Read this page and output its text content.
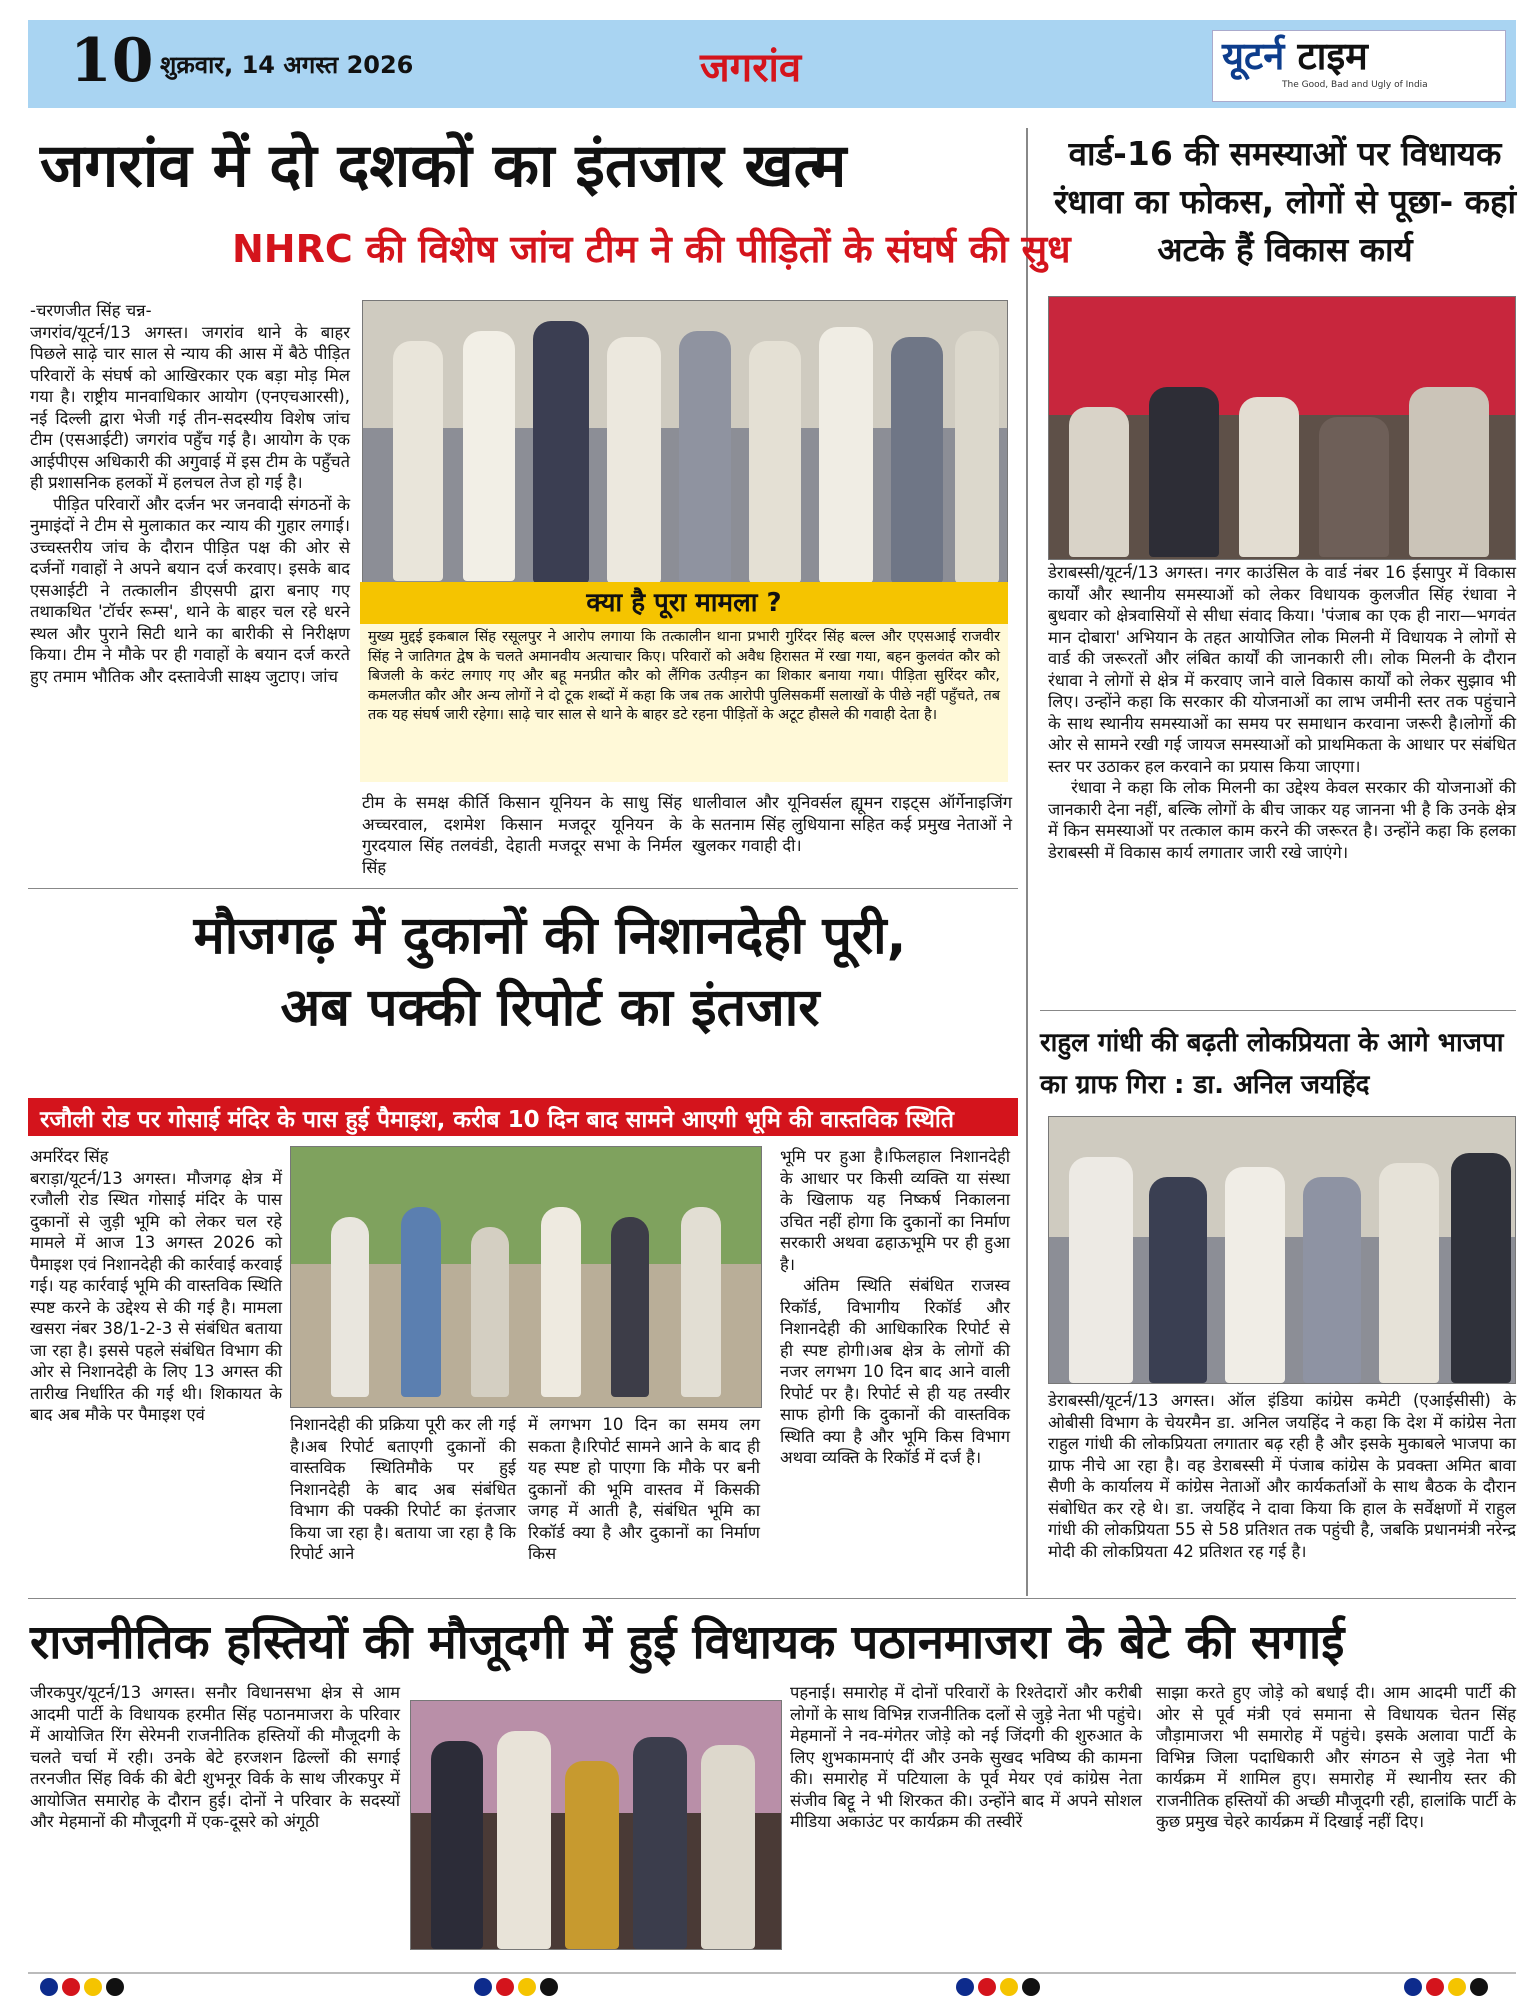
10 शुक्रवार, 14 अगस्त 2026	जगरांव	यूटर्न टाइम
The Good, Bad and Ugly of India
जगरांव में दो दशकों का इंतजार खत्म
NHRC की विशेष जांच टीम ने की पीड़ितों के संघर्ष की सुध

-चरणजीत सिंह चन्न-

जगरांव/यूटर्न/13 अगस्त। जगरांव थाने के बाहर पिछले साढ़े चार साल से न्याय की आस में बैठे पीड़ित परिवारों के संघर्ष को आखिरकार एक बड़ा मोड़ मिल गया है। राष्ट्रीय मानवाधिकार आयोग (एनएचआरसी), नई दिल्ली द्वारा भेजी गई तीन-सदस्यीय विशेष जांच टीम (एसआईटी) जगरांव पहुँच गई है। आयोग के एक आईपीएस अधिकारी की अगुवाई में इस टीम के पहुँचते ही प्रशासनिक हलकों में हलचल तेज हो गई है।

पीड़ित परिवारों और दर्जन भर जनवादी संगठनों के नुमाइंदों ने टीम से मुलाकात कर न्याय की गुहार लगाई। उच्चस्तरीय जांच के दौरान पीड़ित पक्ष की ओर से दर्जनों गवाहों ने अपने बयान दर्ज करवाए। इसके बाद एसआईटी ने तत्कालीन डीएसपी द्वारा बनाए गए तथाकथित 'टॉर्चर रूम्स', थाने के बाहर चल रहे धरने स्थल और पुराने सिटी थाने का बारीकी से निरीक्षण किया। टीम ने मौके पर ही गवाहों के बयान दर्ज करते हुए तमाम भौतिक और दस्तावेजी साक्ष्य जुटाए। जांच

क्या है पूरा मामला ?
मुख्य मुद्दई इकबाल सिंह रसूलपुर ने आरोप लगाया कि तत्कालीन थाना प्रभारी गुरिंदर सिंह बल्ल और एएसआई राजवीर सिंह ने जातिगत द्वेष के चलते अमानवीय अत्याचार किए। परिवारों को अवैध हिरासत में रखा गया, बहन कुलवंत कौर को बिजली के करंट लगाए गए और बहू मनप्रीत कौर को लैंगिक उत्पीड़न का शिकार बनाया गया। पीड़िता सुरिंदर कौर, कमलजीत कौर और अन्य लोगों ने दो टूक शब्दों में कहा कि जब तक आरोपी पुलिसकर्मी सलाखों के पीछे नहीं पहुँचते, तब तक यह संघर्ष जारी रहेगा। साढ़े चार साल से थाने के बाहर डटे रहना पीड़ितों के अटूट हौसले की गवाही देता है।
टीम के समक्ष कीर्ति किसान यूनियन के साधु सिंह अच्चरवाल, दशमेश किसान मजदूर यूनियन के गुरदयाल सिंह तलवंडी, देहाती मजदूर सभा के निर्मल सिंह
धालीवाल और यूनिवर्सल ह्यूमन राइट्स ऑर्गेनाइजिंग के सतनाम सिंह लुधियाना सहित कई प्रमुख नेताओं ने खुलकर गवाही दी।
मौजगढ़ में दुकानों की निशानदेही पूरी, अब पक्की रिपोर्ट का इंतजार
रजौली रोड पर गोसाई मंदिर के पास हुई पैमाइश, करीब 10 दिन बाद सामने आएगी भूमि की वास्तविक स्थिति

अमरिंदर सिंह

बराड़ा/यूटर्न/13 अगस्त। मौजगढ़ क्षेत्र में रजौली रोड स्थित गोसाई मंदिर के पास दुकानों से जुड़ी भूमि को लेकर चल रहे मामले में आज 13 अगस्त 2026 को पैमाइश एवं निशानदेही की कार्रवाई करवाई गई। यह कार्रवाई भूमि की वास्तविक स्थिति स्पष्ट करने के उद्देश्य से की गई है। मामला खसरा नंबर 38/1-2-3 से संबंधित बताया जा रहा है। इससे पहले संबंधित विभाग की ओर से निशानदेही के लिए 13 अगस्त की तारीख निर्धारित की गई थी। शिकायत के बाद अब मौके पर पैमाइश एवं

निशानदेही की प्रक्रिया पूरी कर ली गई है।अब रिपोर्ट बताएगी दुकानों की वास्तविक स्थितिमौके पर हुई निशानदेही के बाद अब संबंधित विभाग की पक्की रिपोर्ट का इंतजार किया जा रहा है। बताया जा रहा है कि रिपोर्ट आने
में लगभग 10 दिन का समय लग सकता है।रिपोर्ट सामने आने के बाद ही यह स्पष्ट हो पाएगा कि मौके पर बनी दुकानों की भूमि वास्तव में किसकी जगह में आती है, संबंधित भूमि का रिकॉर्ड क्या है और दुकानों का निर्माण किस

भूमि पर हुआ है।फिलहाल निशानदेही के आधार पर किसी व्यक्ति या संस्था के खिलाफ यह निष्कर्ष निकालना उचित नहीं होगा कि दुकानों का निर्माण सरकारी अथवा ढहाऊभूमि पर ही हुआ है।

अंतिम स्थिति संबंधित राजस्व रिकॉर्ड, विभागीय रिकॉर्ड और निशानदेही की आधिकारिक रिपोर्ट से ही स्पष्ट होगी।अब क्षेत्र के लोगों की नजर लगभग 10 दिन बाद आने वाली रिपोर्ट पर है। रिपोर्ट से ही यह तस्वीर साफ होगी कि दुकानों की वास्तविक स्थिति क्या है और भूमि किस विभाग अथवा व्यक्ति के रिकॉर्ड में दर्ज है।

वार्ड-16 की समस्याओं पर विधायक रंधावा का फोकस, लोगों से पूछा- कहां अटके हैं विकास कार्य

डेराबस्सी/यूटर्न/13 अगस्त। नगर काउंसिल के वार्ड नंबर 16 ईसापुर में विकास कार्यों और स्थानीय समस्याओं को लेकर विधायक कुलजीत सिंह रंधावा ने बुधवार को क्षेत्रवासियों से सीधा संवाद किया। 'पंजाब का एक ही नारा—भगवंत मान दोबारा' अभियान के तहत आयोजित लोक मिलनी में विधायक ने लोगों से वार्ड की जरूरतों और लंबित कार्यों की जानकारी ली। लोक मिलनी के दौरान रंधावा ने लोगों से क्षेत्र में करवाए जाने वाले विकास कार्यों को लेकर सुझाव भी लिए। उन्होंने कहा कि सरकार की योजनाओं का लाभ जमीनी स्तर तक पहुंचाने के साथ स्थानीय समस्याओं का समय पर समाधान करवाना जरूरी है।लोगों की ओर से सामने रखी गई जायज समस्याओं को प्राथमिकता के आधार पर संबंधित स्तर पर उठाकर हल करवाने का प्रयास किया जाएगा।

रंधावा ने कहा कि लोक मिलनी का उद्देश्य केवल सरकार की योजनाओं की जानकारी देना नहीं, बल्कि लोगों के बीच जाकर यह जानना भी है कि उनके क्षेत्र में किन समस्याओं पर तत्काल काम करने की जरूरत है। उन्होंने कहा कि हलका डेराबस्सी में विकास कार्य लगातार जारी रखे जाएंगे।

राहुल गांधी की बढ़ती लोकप्रियता के आगे भाजपा का ग्राफ गिरा : डा. अनिल जयहिंद
डेराबस्सी/यूटर्न/13 अगस्त। ऑल इंडिया कांग्रेस कमेटी (एआईसीसी) के ओबीसी विभाग के चेयरमैन डा. अनिल जयहिंद ने कहा कि देश में कांग्रेस नेता राहुल गांधी की लोकप्रियता लगातार बढ़ रही है और इसके मुकाबले भाजपा का ग्राफ नीचे आ रहा है। वह डेराबस्सी में पंजाब कांग्रेस के प्रवक्ता अमित बावा सैणी के कार्यालय में कांग्रेस नेताओं और कार्यकर्ताओं के साथ बैठक के दौरान संबोधित कर रहे थे। डा. जयहिंद ने दावा किया कि हाल के सर्वेक्षणों में राहुल गांधी की लोकप्रियता 55 से 58 प्रतिशत तक पहुंची है, जबकि प्रधानमंत्री नरेन्द्र मोदी की लोकप्रियता 42 प्रतिशत रह गई है।
राजनीतिक हस्तियों की मौजूदगी में हुई विधायक पठानमाजरा के बेटे की सगाई
जीरकपुर/यूटर्न/13 अगस्त। सनौर विधानसभा क्षेत्र से आम आदमी पार्टी के विधायक हरमीत सिंह पठानमाजरा के परिवार में आयोजित रिंग सेरेमनी राजनीतिक हस्तियों की मौजूदगी के चलते चर्चा में रही। उनके बेटे हरजशन ढिल्लों की सगाई तरनजीत सिंह विर्क की बेटी शुभनूर विर्क के साथ जीरकपुर में आयोजित समारोह के दौरान हुई। दोनों ने परिवार के सदस्यों और मेहमानों की मौजूदगी में एक-दूसरे को अंगूठी
पहनाई। समारोह में दोनों परिवारों के रिश्तेदारों और करीबी लोगों के साथ विभिन्न राजनीतिक दलों से जुड़े नेता भी पहुंचे। मेहमानों ने नव-मंगेतर जोड़े को नई जिंदगी की शुरुआत के लिए शुभकामनाएं दीं और उनके सुखद भविष्य की कामना की। समारोह में पटियाला के पूर्व मेयर एवं कांग्रेस नेता संजीव बिट्टू ने भी शिरकत की। उन्होंने बाद में अपने सोशल मीडिया अकाउंट पर कार्यक्रम की तस्वीरें
साझा करते हुए जोड़े को बधाई दी। आम आदमी पार्टी की ओर से पूर्व मंत्री एवं समाना से विधायक चेतन सिंह जौड़ामाजरा भी समारोह में पहुंचे। इसके अलावा पार्टी के विभिन्न जिला पदाधिकारी और संगठन से जुड़े नेता भी कार्यक्रम में शामिल हुए। समारोह में स्थानीय स्तर की राजनीतिक हस्तियों की अच्छी मौजूदगी रही, हालांकि पार्टी के कुछ प्रमुख चेहरे कार्यक्रम में दिखाई नहीं दिए।
